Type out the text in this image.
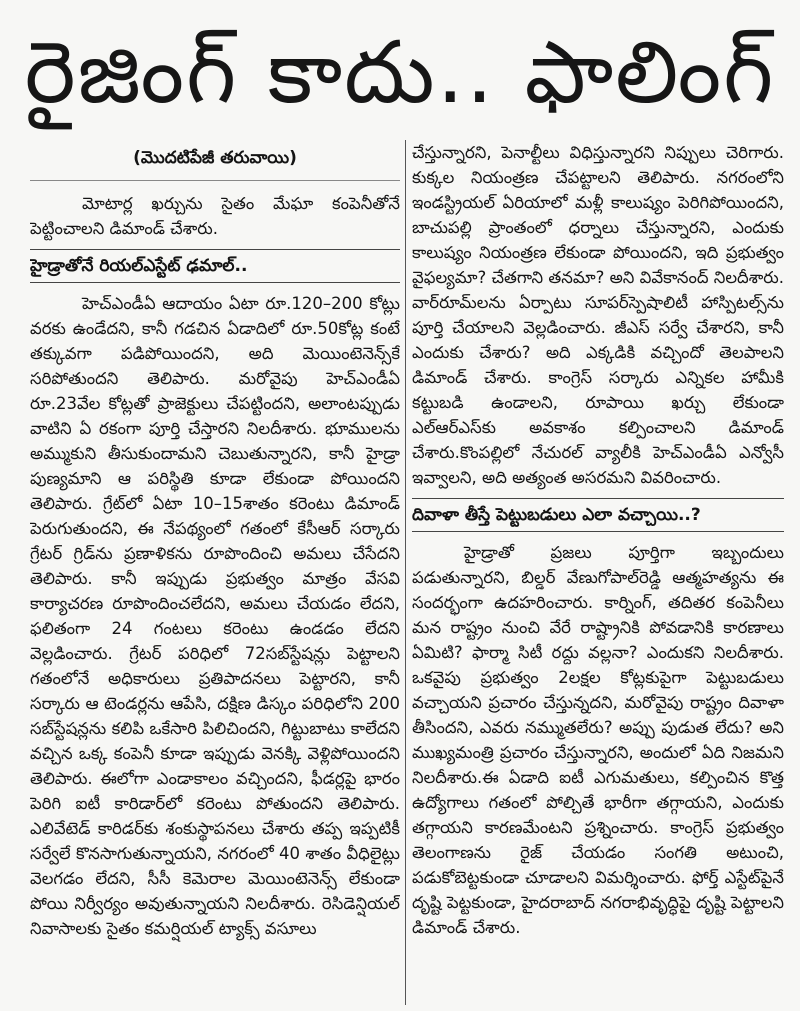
రైజింగ్ కాదు.. ఫాలింగ్
(మొదటిపేజీ తరువాయి)

మోటార్ల ఖర్చును సైతం మేఘా కంపెనీతోనే పెట్టించాలని డిమాండ్ చేశారు.

హైడ్రాతోనే రియల్‌ఎస్టేట్ ఢమాల్..

హెచ్ఎండీఏ ఆదాయం ఏటా రూ.120–200 కోట్లు వరకు ఉండేదని, కానీ గడచిన ఏడాదిలో రూ.50కోట్ల కంటే తక్కువగా పడిపోయిందని, అది మెయింటెనెన్స్‌కే సరిపోతుందని తెలిపారు. మరోవైపు హెచ్ఎండీఏ రూ.23వేల కోట్లతో ప్రాజెక్టులు చేపట్టిందని, అలాంటప్పుడు వాటిని ఏ రకంగా పూర్తి చేస్తారని నిలదీశారు. భూములను అమ్ముకుని తీసుకుందామని చెబుతున్నారని, కానీ హైడ్రా పుణ్యమాని ఆ పరిస్థితి కూడా లేకుండా పోయిందని తెలిపారు. గ్రేట్‌లో ఏటా 10–15శాతం కరెంటు డిమాండ్ పెరుగుతుందని, ఈ నేపథ్యంలో గతంలో కేసీఆర్ సర్కారు గ్రేటర్ గ్రిడ్‌ను ప్రణాళికను రూపొందించి అమలు చేసేదని తెలిపారు. కానీ ఇప్పుడు ప్రభుత్వం మాత్రం వేసవి కార్యాచరణ రూపొందించలేదని, అమలు చేయడం లేదని, ఫలితంగా 24 గంటలు కరెంటు ఉండడం లేదని వెల్లడించారు. గ్రేటర్ పరిధిలో 72సబ్‌స్టేషన్లు పెట్టాలని గతంలోనే అధికారులు ప్రతిపాదనలు పెట్టారని, కానీ సర్కారు ఆ టెండర్లను ఆపేసి, దక్షిణ డిస్కం పరిధిలోని 200 సబ్‌స్టేషన్లను కలిపి ఒకేసారి పిలిచిందని, గిట్టుబాటు కాలేదని వచ్చిన ఒక్క కంపెనీ కూడా ఇప్పుడు వెనక్కి వెళ్లిపోయిందని తెలిపారు. ఈలోగా ఎండాకాలం వచ్చిందని, ఫీడర్లపై భారం పెరిగి ఐటీ కారిడార్‌లో కరెంటు పోతుందని తెలిపారు. ఎలివేటెడ్ కారిడర్‌కు శంకుస్థాపనలు చేశారు తప్ప ఇప్పటికీ సర్వేలే కొనసాగుతున్నాయని, నగరంలో 40 శాతం వీధిలైట్లు వెలగడం లేదని, సీసీ కెమెరాల మెయింటెనెన్స్ లేకుండా పోయి నిర్వీర్యం అవుతున్నాయని నిలదీశారు. రెసిడెన్షియల్ నివాసాలకు సైతం కమర్షియల్ ట్యాక్స్ వసూలు

చేస్తున్నారని, పెనాల్టీలు విధిస్తున్నారని నిప్పులు చెరిగారు. కుక్కల నియంత్రణ చేపట్టాలని తెలిపారు. నగరంలోని ఇండస్ట్రియల్ ఏరియాలో మళ్లీ కాలుష్యం పెరిగిపోయిందని, బాచుపల్లి ప్రాంతంలో ధర్నాలు చేస్తున్నారని, ఎందుకు కాలుష్యం నియంత్రణ లేకుండా పోయిందని, ఇది ప్రభుత్వం వైఫల్యమా? చేతగాని తనమా? అని వివేకానంద్ నిలదీశారు. వార్‌రూమ్‌లను ఏర్పాటు సూపర్‌స్పెషాలిటీ హాస్పిటల్స్‌ను పూర్తి చేయాలని వెల్లడించారు. జీఎస్ సర్వే చేశారని, కానీ ఎందుకు చేశారు? అది ఎక్కడికి వచ్చిందో తెలపాలని డిమాండ్ చేశారు. కాంగ్రెస్ సర్కారు ఎన్నికల హామీకి కట్టుబడి ఉండాలని, రూపాయి ఖర్చు లేకుండా ఎల్ఆర్ఎస్‌కు అవకాశం కల్పించాలని డిమాండ్ చేశారు.కొంపల్లిలో నేచురల్ వ్యాలీకి హెచ్ఎండీఏ ఎన్వోసీ ఇవ్వాలని, అది అత్యంత అసరమని వివరించారు.

దివాళా తీస్తే పెట్టుబడులు ఎలా వచ్చాయి..?

హైడ్రాతో ప్రజలు పూర్తిగా ఇబ్బందులు పడుతున్నారని, బిల్డర్ వేణుగోపాల్‌రెడ్డి ఆత్మహత్యను ఈ సందర్భంగా ఉదహరించారు. కార్నింగ్, తదితర కంపెనీలు మన రాష్ట్రం నుంచి వేరే రాష్ట్రానికి పోవడానికి కారణాలు ఏమిటి? ఫార్మా సిటీ రద్దు వల్లనా? ఎందుకని నిలదీశారు. ఒకవైపు ప్రభుత్వం 2లక్షల కోట్లకుపైగా పెట్టుబడులు వచ్చాయని ప్రచారం చేస్తున్నదని, మరోవైపు రాష్ట్రం దివాళా తీసిందని, ఎవరు నమ్ముతలేరు? అప్పు పుడుత లేదు? అని ముఖ్యమంత్రి ప్రచారం చేస్తున్నారని, అందులో ఏది నిజమని నిలదీశారు.ఈ ఏడాది ఐటీ ఎగుమతులు, కల్పించిన కొత్త ఉద్యోగాలు గతంలో పోల్చితే భారీగా తగ్గాయని, ఎందుకు తగ్గాయని కారణమేంటని ప్రశ్నించారు. కాంగ్రెస్ ప్రభుత్వం తెలంగాణను రైజ్ చేయడం సంగతి అటుంచి, పడుకోబెట్టకుండా చూడాలని విమర్శించారు. ఫోర్త్ ఎస్టేట్‌పైనే దృష్టి పెట్టకుండా, హైదరాబాద్ నగరాభివృద్ధిపై దృష్టి పెట్టాలని డిమాండ్ చేశారు.
